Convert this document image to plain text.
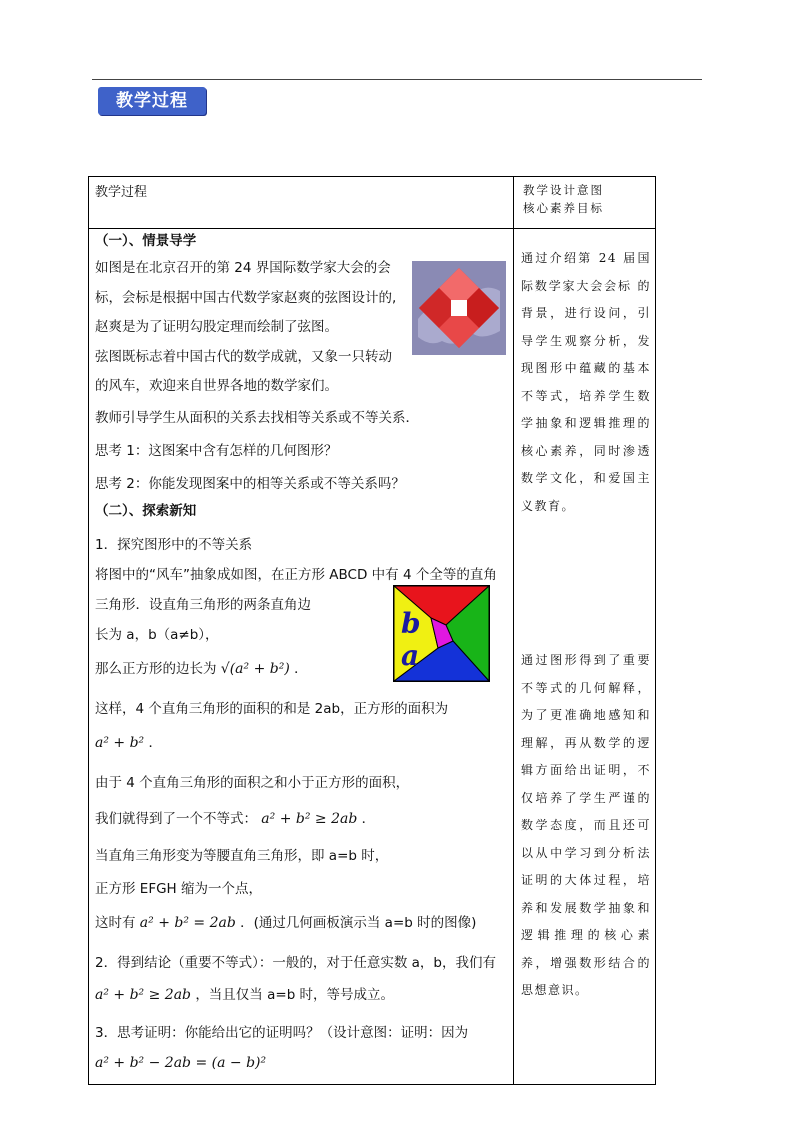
教学过程
教学过程	教学设计意图
核心素养目标
（一）、情景导学
如图是在北京召开的第 24 界国际数学家大会的会
标，会标是根据中国古代数学家赵爽的弦图设计的,
赵爽是为了证明勾股定理而绘制了弦图。
弦图既标志着中国古代的数学成就，又象一只转动
的风车，欢迎来自世界各地的数学家们。
教师引导学生从面积的关系去找相等关系或不等关系．
思考 1：这图案中含有怎样的几何图形？
思考 2：你能发现图案中的相等关系或不等关系吗？
（二）、探索新知
1．探究图形中的不等关系
将图中的“风车”抽象成如图，在正方形 ABCD 中有 4 个全等的直角
三角形．设直角三角形的两条直角边
长为 a，b（a≠b），
那么正方形的边长为 √(a² + b²) ．
这样，4 个直角三角形的面积的和是 2ab，正方形的面积为
a² + b² ．
由于 4 个直角三角形的面积之和小于正方形的面积，
我们就得到了一个不等式： a² + b² ≥ 2ab ．
当直角三角形变为等腰直角三角形，即 a=b 时，
正方形 EFGH 缩为一个点，
这时有 a² + b² = 2ab ．(通过几何画板演示当 a=b 时的图像)
2．得到结论（重要不等式）：一般的，对于任意实数 a，b，我们有
a² + b² ≥ 2ab ，当且仅当 a=b 时，等号成立。
3．思考证明：你能给出它的证明吗？（设计意图：证明：因为
a² + b² − 2ab = (a − b)²
通过介绍第 24 届国际数学家大会会标 的背景，进行设问，引导学生观察分析，发现图形中蕴藏的基本不等式，培养学生数学抽象和逻辑推理的核心素养，同时渗透数学文化，和爱国主义教育。
通过图形得到了重要不等式的几何解释，为了更准确地感知和理解，再从数学的逻辑方面给出证明，不仅培养了学生严谨的数学态度，而且还可以从中学习到分析法证明的大体过程，培养和发展数学抽象和逻辑推理的核心素养，增强数形结合的思想意识。
b
a
